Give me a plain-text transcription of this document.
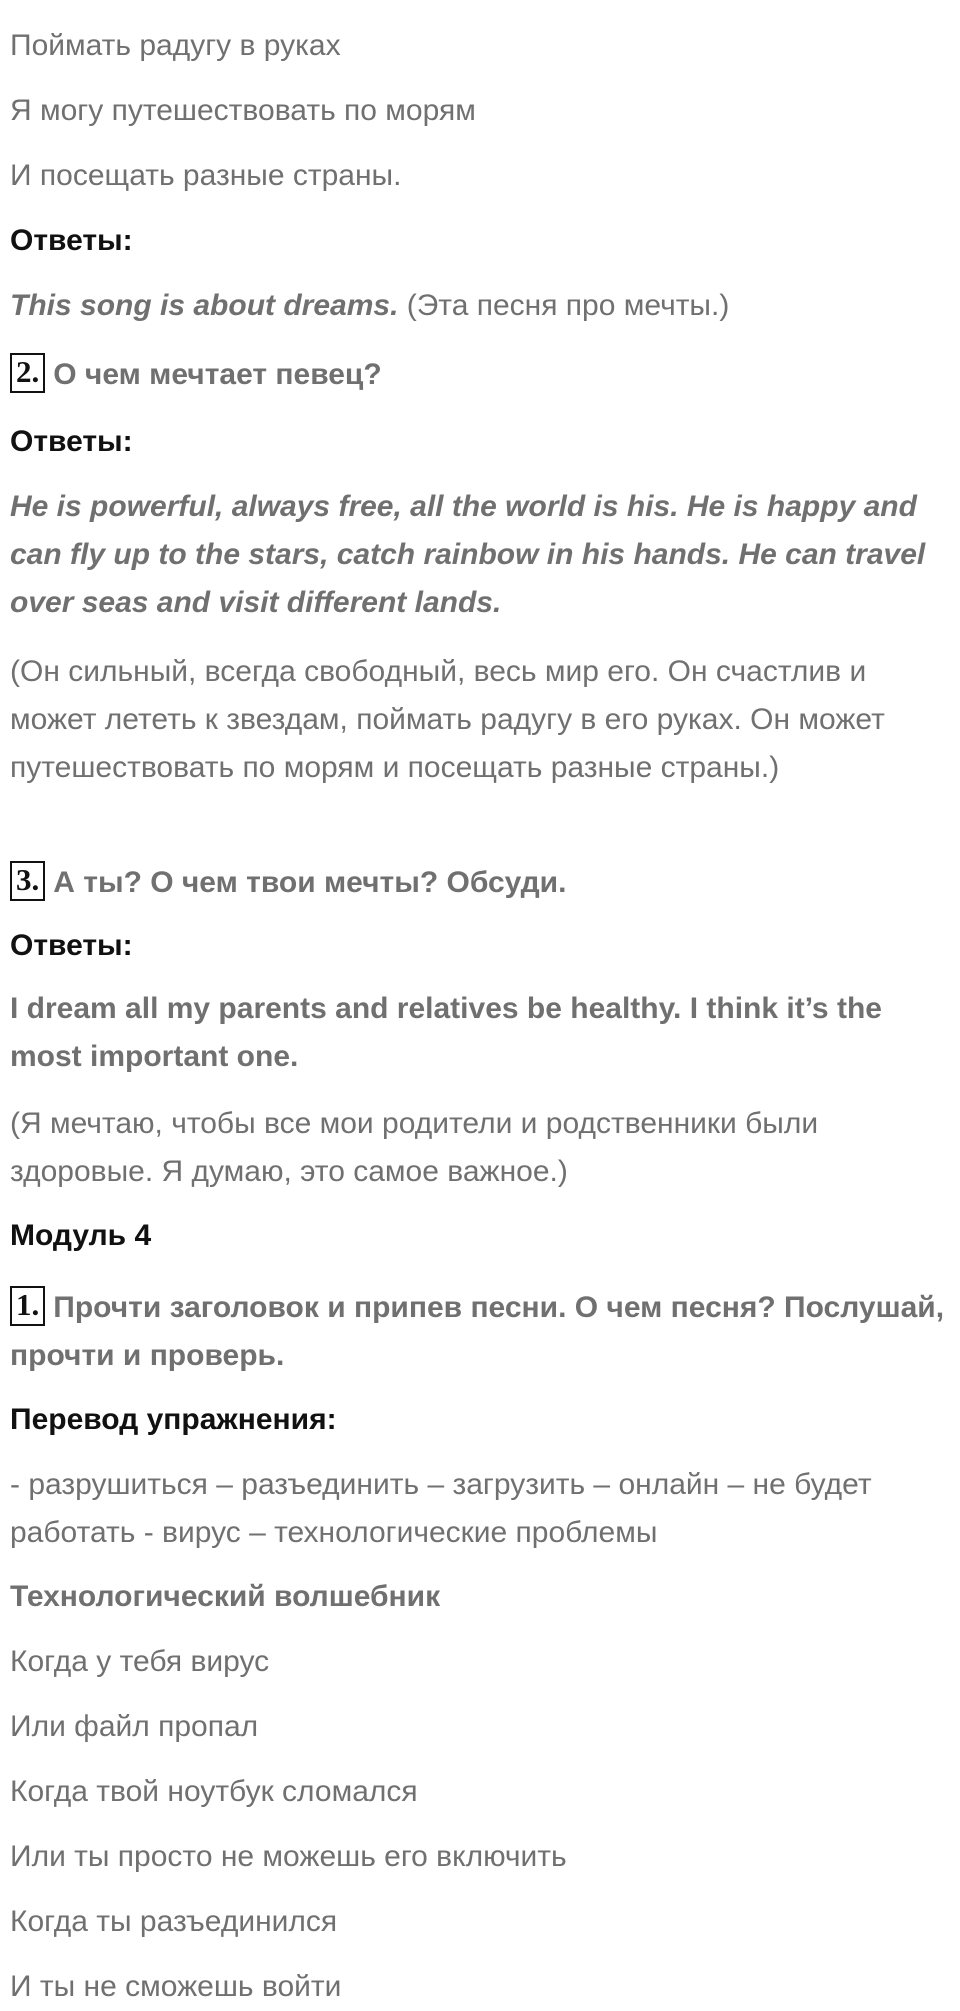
Поймать радугу в руках

Я могу путешествовать по морям

И посещать разные страны.

Ответы:

This song is about dreams. (Эта песня про мечты.)

2. О чем мечтает певец?

Ответы:

He is powerful, always free, all the world is his. He is happy and can fly up to the stars, catch rainbow in his hands. He can travel over seas and visit different lands.

(Он сильный, всегда свободный, весь мир его. Он счастлив и может лететь к звездам, поймать радугу в его руках. Он может путешествовать по морям и посещать разные страны.)

3. А ты? О чем твои мечты? Обсуди.

Ответы:

I dream all my parents and relatives be healthy. I think it’s the most important one.

(Я мечтаю, чтобы все мои родители и родственники были здоровые. Я думаю, это самое важное.)

Модуль 4

1. Прочти заголовок и припев песни. О чем песня? Послушай, прочти и проверь.

Перевод упражнения:

- разрушиться – разъединить – загрузить – онлайн – не будет работать - вирус – технологические проблемы

Технологический волшебник

Когда у тебя вирус

Или файл пропал

Когда твой ноутбук сломался

Или ты просто не можешь его включить

Когда ты разъединился

И ты не сможешь войти
